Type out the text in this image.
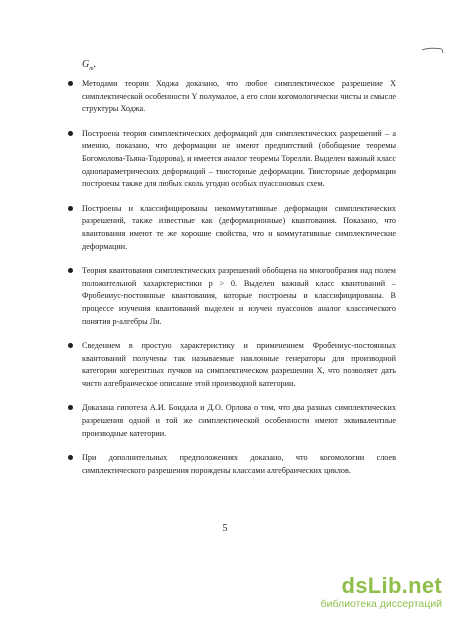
$G_m$.
Методами теории Ходжа доказано, что любое симплектическое разрешение X симплектической особенности Y полумалое, а его слои когомологически чисты и смысле структуры Ходжа.
Построена теория симплектических деформаций для симплектических разрешений – а именно, показано, что деформации не имеют предпятствий (обобщение теоремы Богомолова-Тьяна-Тодорова), и имеется аналог теоремы Торелли. Выделен важный класс однопараметрических деформаций – твисторные деформации. Твисторные деформации построены также для любых сколь угодно особых пуассоновых схем.
Построены и классифицированы некоммутативные деформации симплектических разрешений, также известные как (деформационные) квантования. Показано, что квантования имеют те же хорошие свойства, что и коммутативные симплектические деформации.
Теория квантования симплектических разрешений обобщена на многообразия над полем положительной хахарктеристики p > 0. Выделен важный класс квантований – Фробениус-постоянные квантования, которые построены и классифицированы. В процессе изучения квантований выделен и изучен пуассонов аналог классического понятия p-алгебры Ли.
Сведением в простую характеристику и применением Фробениус-постоянных квантований получены так называемые наклонные генераторы для производной категории когерентных пучков на симплектическом разрешении X, что позволяет дать чисто алгебраическое описание этой производной категории.
Доказана гипотеза А.И. Бондала и Д.О. Орлова о том, что два разных симплектических разрешения одной и той же симплектической особенности имеют эквивалентные производные категории.
При дополнительных предположениях доказано, что когомологии слоев симплектического разрешения порождены классами алгебраических циклов.
5
dsLib.net
библиотека диссертаций
